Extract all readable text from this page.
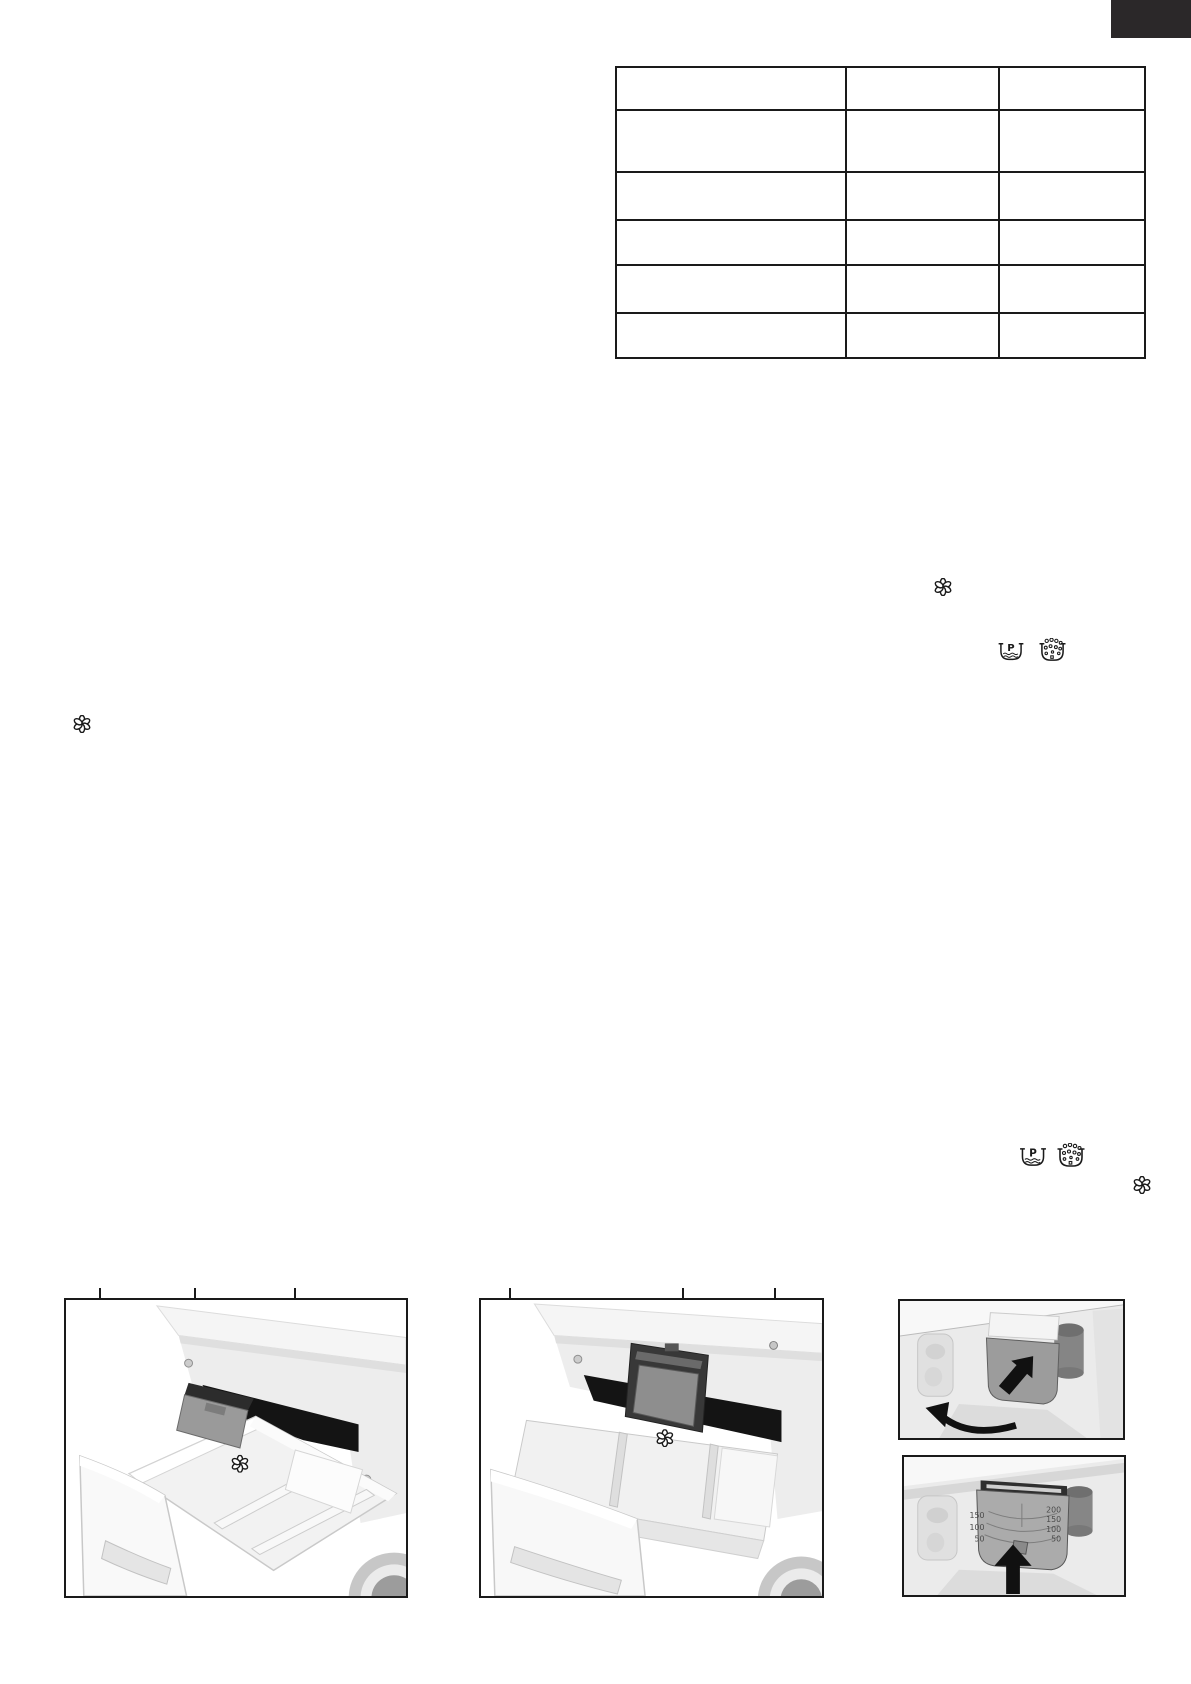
150
100
50
200
150
100
50
